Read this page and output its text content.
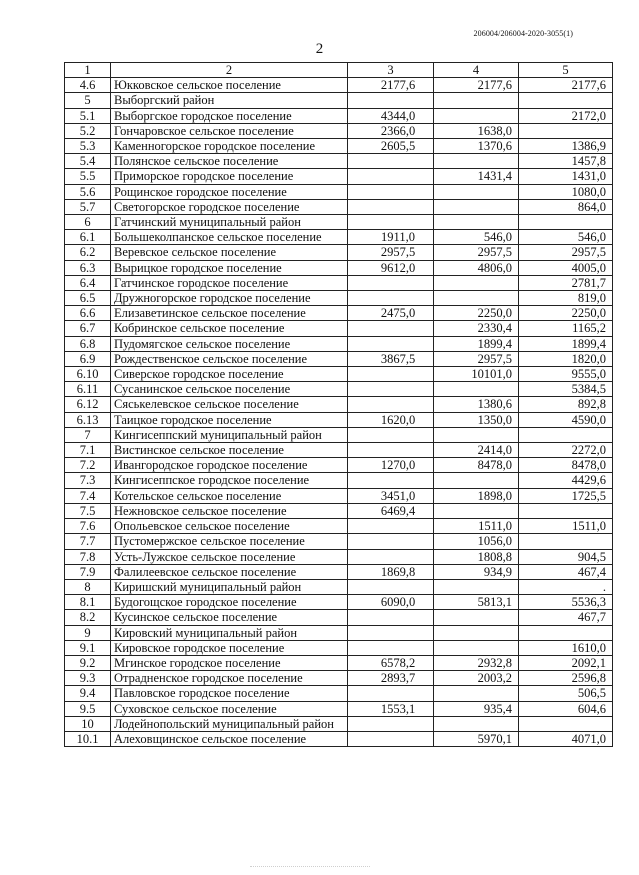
206004/206004-2020-3055(1)
2
1	2	3	4	5
4.6	Юкковское сельское поселение	2177,6	2177,6	2177,6
5	Выборгский район			
5.1	Выборгское городское поселение	4344,0		2172,0
5.2	Гончаровское сельское поселение	2366,0	1638,0	
5.3	Каменногорское городское поселение	2605,5	1370,6	1386,9
5.4	Полянское сельское поселение			1457,8
5.5	Приморское городское поселение		1431,4	1431,0
5.6	Рощинское городское поселение			1080,0
5.7	Светогорское городское поселение			864,0
6	Гатчинский муниципальный район			
6.1	Большеколпанское сельское поселение	1911,0	546,0	546,0
6.2	Веревское сельское поселение	2957,5	2957,5	2957,5
6.3	Вырицкое городское поселение	9612,0	4806,0	4005,0
6.4	Гатчинское городское поселение			2781,7
6.5	Дружногорское городское поселение			819,0
6.6	Елизаветинское сельское поселение	2475,0	2250,0	2250,0
6.7	Кобринское сельское поселение		2330,4	1165,2
6.8	Пудомягское сельское поселение		1899,4	1899,4
6.9	Рождественское сельское поселение	3867,5	2957,5	1820,0
6.10	Сиверское городское поселение		10101,0	9555,0
6.11	Сусанинское сельское поселение			5384,5
6.12	Сяськелевское сельское поселение		1380,6	892,8
6.13	Таицкое городское поселение	1620,0	1350,0	4590,0
7	Кингисеппский муниципальный район			
7.1	Вистинское сельское поселение		2414,0	2272,0
7.2	Ивангородское городское поселение	1270,0	8478,0	8478,0
7.3	Кингисеппское городское поселение			4429,6
7.4	Котельское сельское поселение	3451,0	1898,0	1725,5
7.5	Нежновское сельское поселение	6469,4		
7.6	Опольевское сельское поселение		1511,0	1511,0
7.7	Пустомержское сельское поселение		1056,0	
7.8	Усть-Лужское сельское поселение		1808,8	904,5
7.9	Фалилеевское сельское поселение	1869,8	934,9	467,4
8	Киришский муниципальный район			.
8.1	Будогощское городское поселение	6090,0	5813,1	5536,3
8.2	Кусинское сельское поселение			467,7
9	Кировский муниципальный район			
9.1	Кировское городское поселение			1610,0
9.2	Мгинское городское поселение	6578,2	2932,8	2092,1
9.3	Отрадненское городское поселение	2893,7	2003,2	2596,8
9.4	Павловское городское поселение			506,5
9.5	Суховское сельское поселение	1553,1	935,4	604,6
10	Лодейнопольский муниципальный район			
10.1	Алеховщинское сельское поселение		5970,1	4071,0
